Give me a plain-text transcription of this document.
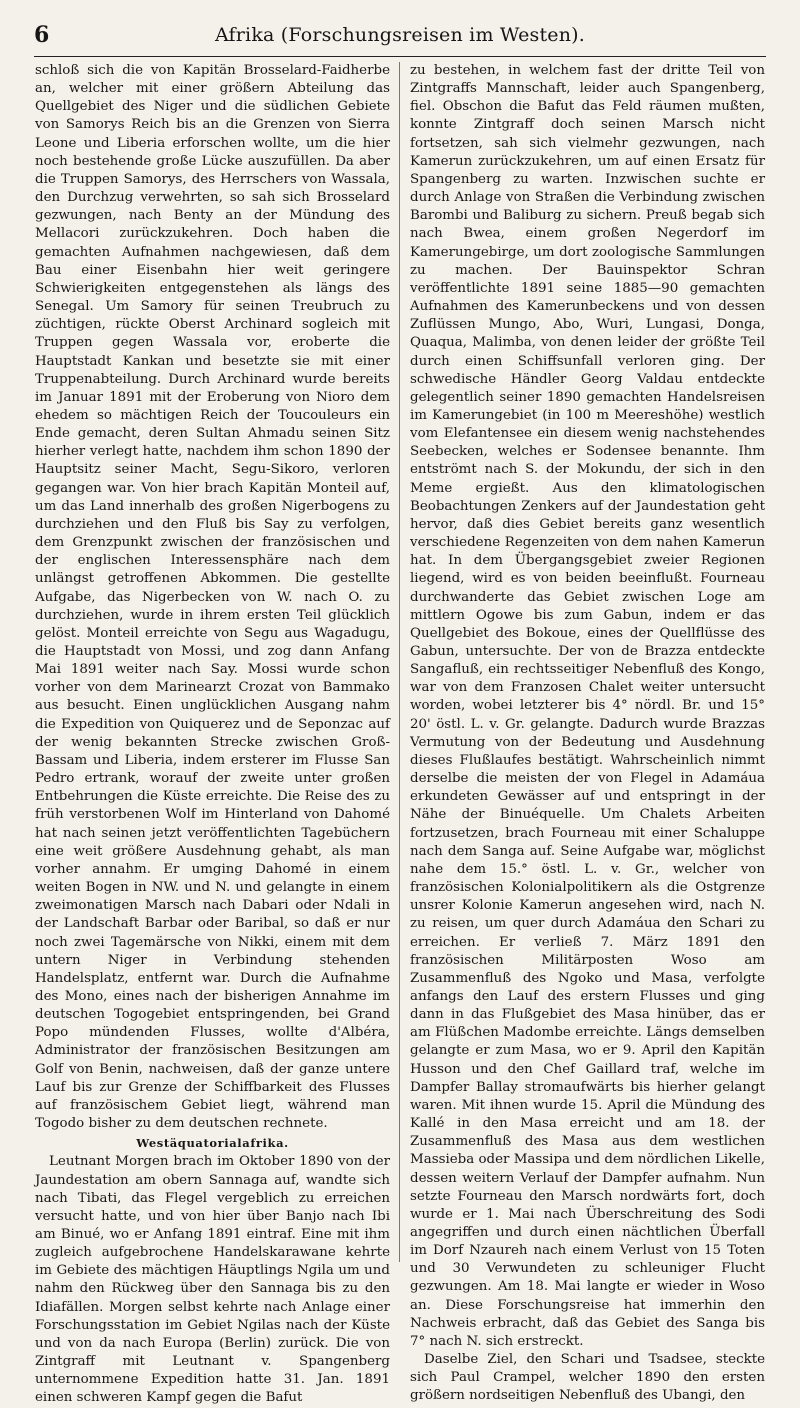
6	Afrika (Forschungsreisen im Westen).

schloß sich die von Kapitän Brosselard-Faidherbe an, welcher mit einer größern Abteilung das Quellgebiet des Niger und die südlichen Gebiete von Samorys Reich bis an die Grenzen von Sierra Leone und Liberia erforschen wollte, um die hier noch bestehende große Lücke auszufüllen. Da aber die Truppen Samorys, des Herrschers von Wassala, den Durchzug verwehrten, so sah sich Brosselard gezwungen, nach Benty an der Mündung des Mellacori zurückzukehren. Doch haben die gemachten Aufnahmen nachgewiesen, daß dem Bau einer Eisenbahn hier weit geringere Schwierigkeiten entgegenstehen als längs des Senegal. Um Samory für seinen Treubruch zu züchtigen, rückte Oberst Archinard sogleich mit Truppen gegen Wassala vor, eroberte die Hauptstadt Kankan und besetzte sie mit einer Truppenabteilung. Durch Archinard wurde bereits im Januar 1891 mit der Eroberung von Nioro dem ehedem so mächtigen Reich der Toucouleurs ein Ende gemacht, deren Sultan Ahmadu seinen Sitz hierher verlegt hatte, nachdem ihm schon 1890 der Hauptsitz seiner Macht, Segu-Sikoro, verloren gegangen war. Von hier brach Kapitän Monteil auf, um das Land innerhalb des großen Nigerbogens zu durchziehen und den Fluß bis Say zu verfolgen, dem Grenzpunkt zwischen der französischen und der englischen Interessensphäre nach dem unlängst getroffenen Abkommen. Die gestellte Aufgabe, das Nigerbecken von W. nach O. zu durchziehen, wurde in ihrem ersten Teil glücklich gelöst. Monteil erreichte von Segu aus Wagadugu, die Hauptstadt von Mossi, und zog dann Anfang Mai 1891 weiter nach Say. Mossi wurde schon vorher von dem Marinearzt Crozat von Bammako aus besucht. Einen unglücklichen Ausgang nahm die Expedition von Quiquerez und de Seponzac auf der wenig bekannten Strecke zwischen Groß-Bassam und Liberia, indem ersterer im Flusse San Pedro ertrank, worauf der zweite unter großen Entbehrungen die Küste erreichte. Die Reise des zu früh verstorbenen Wolf im Hinterland von Dahomé hat nach seinen jetzt veröffentlichten Tagebüchern eine weit größere Ausdehnung gehabt, als man vorher annahm. Er umging Dahomé in einem weiten Bogen in NW. und N. und gelangte in einem zweimonatigen Marsch nach Dabari oder Ndali in der Landschaft Barbar oder Baribal, so daß er nur noch zwei Tagemärsche von Nikki, einem mit dem untern Niger in Verbindung stehenden Handelsplatz, entfernt war. Durch die Aufnahme des Mono, eines nach der bisherigen Annahme im deutschen Togogebiet entspringenden, bei Grand Popo mündenden Flusses, wollte d'Albéra, Administrator der französischen Besitzungen am Golf von Benin, nachweisen, daß der ganze untere Lauf bis zur Grenze der Schiffbarkeit des Flusses auf französischem Gebiet liegt, während man Togodo bisher zu dem deutschen rechnete.

Westäquatorialafrika.

Leutnant Morgen brach im Oktober 1890 von der Jaundestation am obern Sannaga auf, wandte sich nach Tibati, das Flegel vergeblich zu erreichen versucht hatte, und von hier über Banjo nach Ibi am Binué, wo er Anfang 1891 eintraf. Eine mit ihm zugleich aufgebrochene Handelskarawane kehrte im Gebiete des mächtigen Häuptlings Ngila um und nahm den Rückweg über den Sannaga bis zu den Idiafällen. Morgen selbst kehrte nach Anlage einer Forschungsstation im Gebiet Ngilas nach der Küste und von da nach Europa (Berlin) zurück. Die von Zintgraff mit Leutnant v. Spangenberg unternommene Expedition hatte 31. Jan. 1891 einen schweren Kampf gegen die Bafut

zu bestehen, in welchem fast der dritte Teil von Zintgraffs Mannschaft, leider auch Spangenberg, fiel. Obschon die Bafut das Feld räumen mußten, konnte Zintgraff doch seinen Marsch nicht fortsetzen, sah sich vielmehr gezwungen, nach Kamerun zurückzukehren, um auf einen Ersatz für Spangenberg zu warten. Inzwischen suchte er durch Anlage von Straßen die Verbindung zwischen Barombi und Baliburg zu sichern. Preuß begab sich nach Bwea, einem großen Negerdorf im Kamerungebirge, um dort zoologische Sammlungen zu machen. Der Bauinspektor Schran veröffentlichte 1891 seine 1885—90 gemachten Aufnahmen des Kamerunbeckens und von dessen Zuflüssen Mungo, Abo, Wuri, Lungasi, Donga, Quaqua, Malimba, von denen leider der größte Teil durch einen Schiffsunfall verloren ging. Der schwedische Händler Georg Valdau entdeckte gelegentlich seiner 1890 gemachten Handelsreisen im Kamerungebiet (in 100 m Meereshöhe) westlich vom Elefantensee ein diesem wenig nachstehendes Seebecken, welches er Sodensee benannte. Ihm entströmt nach S. der Mokundu, der sich in den Meme ergießt. Aus den klimatologischen Beobachtungen Zenkers auf der Jaundestation geht hervor, daß dies Gebiet bereits ganz wesentlich verschiedene Regenzeiten von dem nahen Kamerun hat. In dem Übergangsgebiet zweier Regionen liegend, wird es von beiden beeinflußt. Fourneau durchwanderte das Gebiet zwischen Loge am mittlern Ogowe bis zum Gabun, indem er das Quellgebiet des Bokoue, eines der Quellflüsse des Gabun, untersuchte. Der von de Brazza entdeckte Sangafluß, ein rechtsseitiger Nebenfluß des Kongo, war von dem Franzosen Chalet weiter untersucht worden, wobei letzterer bis 4° nördl. Br. und 15° 20' östl. L. v. Gr. gelangte. Dadurch wurde Brazzas Vermutung von der Bedeutung und Ausdehnung dieses Flußlaufes bestätigt. Wahrscheinlich nimmt derselbe die meisten der von Flegel in Adamáua erkundeten Gewässer auf und entspringt in der Nähe der Binuéquelle. Um Chalets Arbeiten fortzusetzen, brach Fourneau mit einer Schaluppe nach dem Sanga auf. Seine Aufgabe war, möglichst nahe dem 15.° östl. L. v. Gr., welcher von französischen Kolonialpolitikern als die Ostgrenze unsrer Kolonie Kamerun angesehen wird, nach N. zu reisen, um quer durch Adamáua den Schari zu erreichen. Er verließ 7. März 1891 den französischen Militärposten Woso am Zusammenfluß des Ngoko und Masa, verfolgte anfangs den Lauf des erstern Flusses und ging dann in das Flußgebiet des Masa hinüber, das er am Flüßchen Madombe erreichte. Längs demselben gelangte er zum Masa, wo er 9. April den Kapitän Husson und den Chef Gaillard traf, welche im Dampfer Ballay stromaufwärts bis hierher gelangt waren. Mit ihnen wurde 15. April die Mündung des Kallé in den Masa erreicht und am 18. der Zusammenfluß des Masa aus dem westlichen Massieba oder Massipa und dem nördlichen Likelle, dessen weitern Verlauf der Dampfer aufnahm. Nun setzte Fourneau den Marsch nordwärts fort, doch wurde er 1. Mai nach Überschreitung des Sodi angegriffen und durch einen nächtlichen Überfall im Dorf Nzaureh nach einem Verlust von 15 Toten und 30 Verwundeten zu schleuniger Flucht gezwungen. Am 18. Mai langte er wieder in Woso an. Diese Forschungsreise hat immerhin den Nachweis erbracht, daß das Gebiet des Sanga bis 7° nach N. sich erstreckt.

Daselbe Ziel, den Schari und Tsadsee, steckte sich Paul Crampel, welcher 1890 den ersten größern nordseitigen Nebenfluß des Ubangi, den
